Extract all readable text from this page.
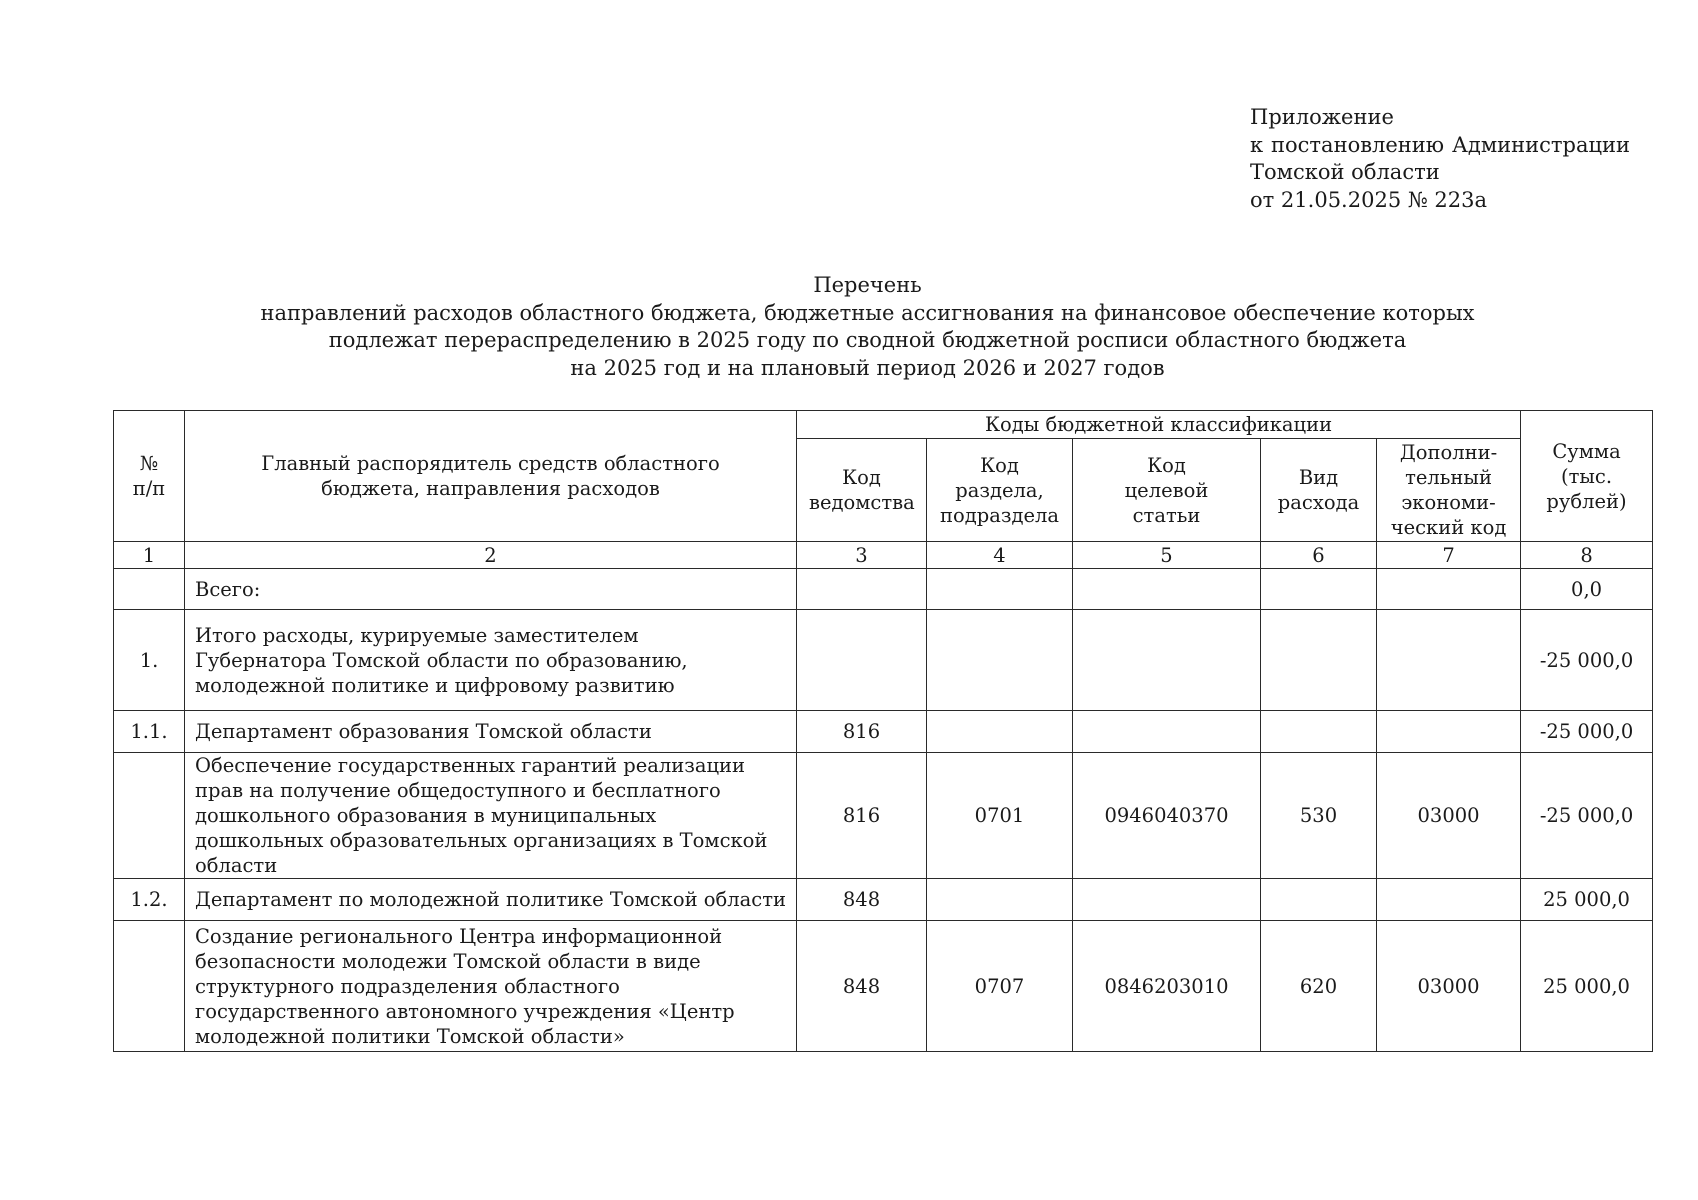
Приложение
к постановлению Администрации
Томской области
от 21.05.2025 № 223а
Перечень
направлений расходов областного бюджета, бюджетные ассигнования на финансовое обеспечение которых
подлежат перераспределению в 2025 году по сводной бюджетной росписи областного бюджета
на 2025 год и на плановый период 2026 и 2027 годов
№ п/п	Главный распорядитель средств областного бюджета, направления расходов	Коды бюджетной классификации					Сумма (тыс. рублей)
		Код ведомства	Код раздела, подраздела	Код целевой статьи	Вид расхода	Дополни-тельный экономи-ческий код	
1	2	3	4	5	6	7	8
	Всего:						0,0
1.	Итого расходы, курируемые заместителем Губернатора Томской области по образованию, молодежной политике и цифровому развитию						-25 000,0
1.1.	Департамент образования Томской области	816					-25 000,0
	Обеспечение государственных гарантий реализации прав на получение общедоступного и бесплатного дошкольного образования в муниципальных дошкольных образовательных организациях в Томской области	816	0701	0946040370	530	03000	-25 000,0
1.2.	Департамент по молодежной политике Томской области	848					25 000,0
	Создание регионального Центра информационной безопасности молодежи Томской области в виде структурного подразделения областного государственного автономного учреждения «Центр молодежной политики Томской области»	848	0707	0846203010	620	03000	25 000,0
